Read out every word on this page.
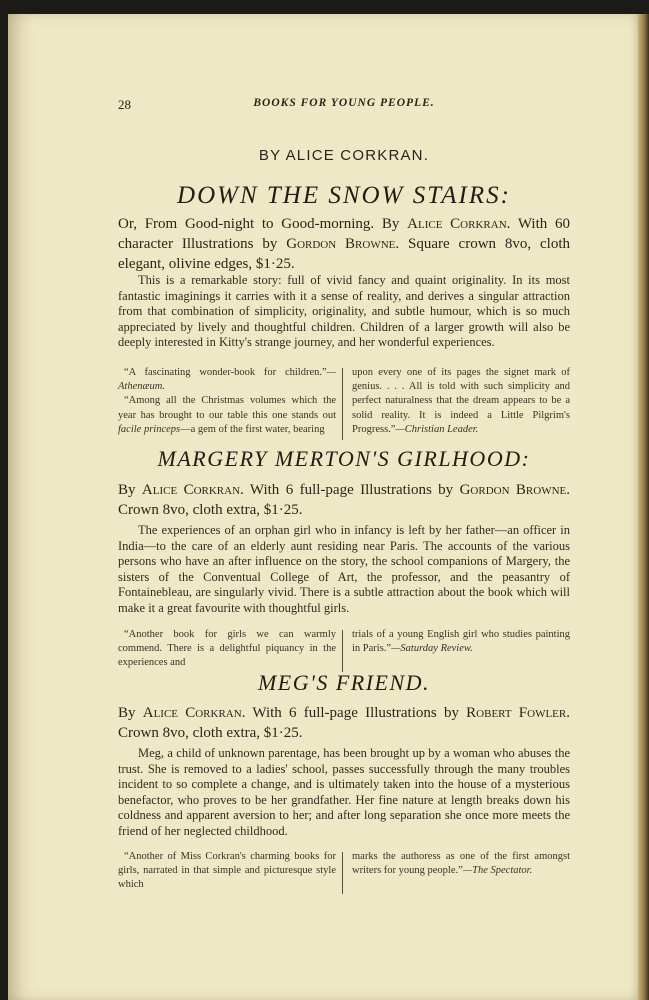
28	BOOKS FOR YOUNG PEOPLE.
BY ALICE CORKRAN.
DOWN THE SNOW STAIRS:
Or, From Good-night to Good-morning. By Alice Corkran. With 60 character Illustrations by Gordon Browne. Square crown 8vo, cloth elegant, olivine edges, $1·25.
This is a remarkable story: full of vivid fancy and quaint originality. In its most fantastic imaginings it carries with it a sense of reality, and derives a singular attraction from that combination of simplicity, originality, and subtle humour, which is so much appreciated by lively and thoughtful children. Children of a larger growth will also be deeply interested in Kitty's strange journey, and her wonderful experiences.

“A fascinating wonder-book for children.”—Athenæum.

“Among all the Christmas volumes which the year has brought to our table this one stands out facile princeps—a gem of the first water, bearing

upon every one of its pages the signet mark of genius. . . . All is told with such simplicity and perfect naturalness that the dream appears to be a solid reality. It is indeed a Little Pilgrim's Progress.”—Christian Leader.

MARGERY MERTON'S GIRLHOOD:
By Alice Corkran. With 6 full-page Illustrations by Gordon Browne. Crown 8vo, cloth extra, $1·25.
The experiences of an orphan girl who in infancy is left by her father—an officer in India—to the care of an elderly aunt residing near Paris. The accounts of the various persons who have an after influence on the story, the school companions of Margery, the sisters of the Conventual College of Art, the professor, and the peasantry of Fontainebleau, are singularly vivid. There is a subtle attraction about the book which will make it a great favourite with thoughtful girls.

“Another book for girls we can warmly commend. There is a delightful piquancy in the experiences and

trials of a young English girl who studies painting in Paris.”—Saturday Review.

MEG'S FRIEND.
By Alice Corkran. With 6 full-page Illustrations by Robert Fowler. Crown 8vo, cloth extra, $1·25.
Meg, a child of unknown parentage, has been brought up by a woman who abuses the trust. She is removed to a ladies' school, passes successfully through the many troubles incident to so complete a change, and is ultimately taken into the house of a mysterious benefactor, who proves to be her grandfather. Her fine nature at length breaks down his coldness and apparent aversion to her; and after long separation she once more meets the friend of her neglected childhood.

“Another of Miss Corkran's charming books for girls, narrated in that simple and picturesque style which

marks the authoress as one of the first amongst writers for young people.”—The Spectator.
